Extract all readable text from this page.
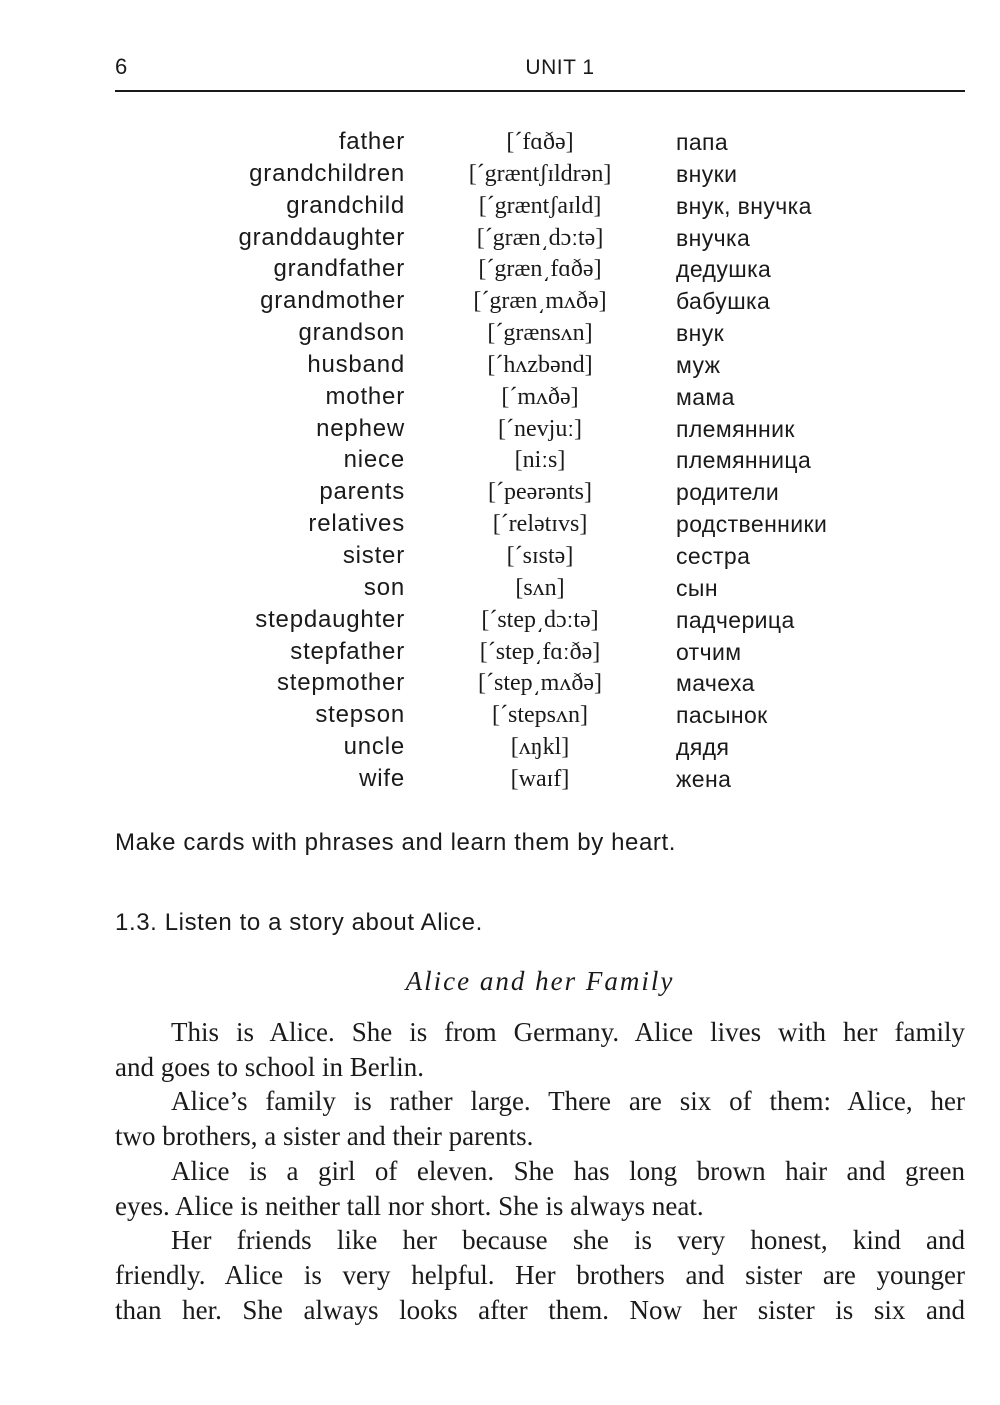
6	UNIT 1
father	[ˊfɑðə]	папа
grandchildren	[ˊgræntʃɪldrən]	внуки
grandchild	[ˊgræntʃaɪld]	внук, внучка
granddaughter	[ˊgræn͵dɔːtə]	внучка
grandfather	[ˊgræn͵fɑðə]	дедушка
grandmother	[ˊgræn͵mʌðə]	бабушка
grandson	[ˊgrænsʌn]	внук
husband	[ˊhʌzbənd]	муж
mother	[ˊmʌðə]	мама
nephew	[ˊnevjuː]	племянник
niece	[niːs]	племянница
parents	[ˊpeərənts]	родители
relatives	[ˊrelətɪvs]	родственники
sister	[ˊsɪstə]	сестра
son	[sʌn]	сын
stepdaughter	[ˊstep͵dɔːtə]	падчерица
stepfather	[ˊstep͵fɑːðə]	отчим
stepmother	[ˊstep͵mʌðə]	мачеха
stepson	[ˊstepsʌn]	пасынок
uncle	[ʌŋkl]	дядя
wife	[waɪf]	жена
Make cards with phrases and learn them by heart.
1.3. Listen to a story about Alice.
Alice and her Family
This is Alice. She is from Germany. Alice lives with her family
and goes to school in Berlin.
Alice’s family is rather large. There are six of them: Alice, her
two brothers, a sister and their parents.
Alice is a girl of eleven. She has long brown hair and green
eyes. Alice is neither tall nor short. She is always neat.
Her friends like her because she is very honest, kind and
friendly. Alice is very helpful. Her brothers and sister are younger
than her. She always looks after them. Now her sister is six and
